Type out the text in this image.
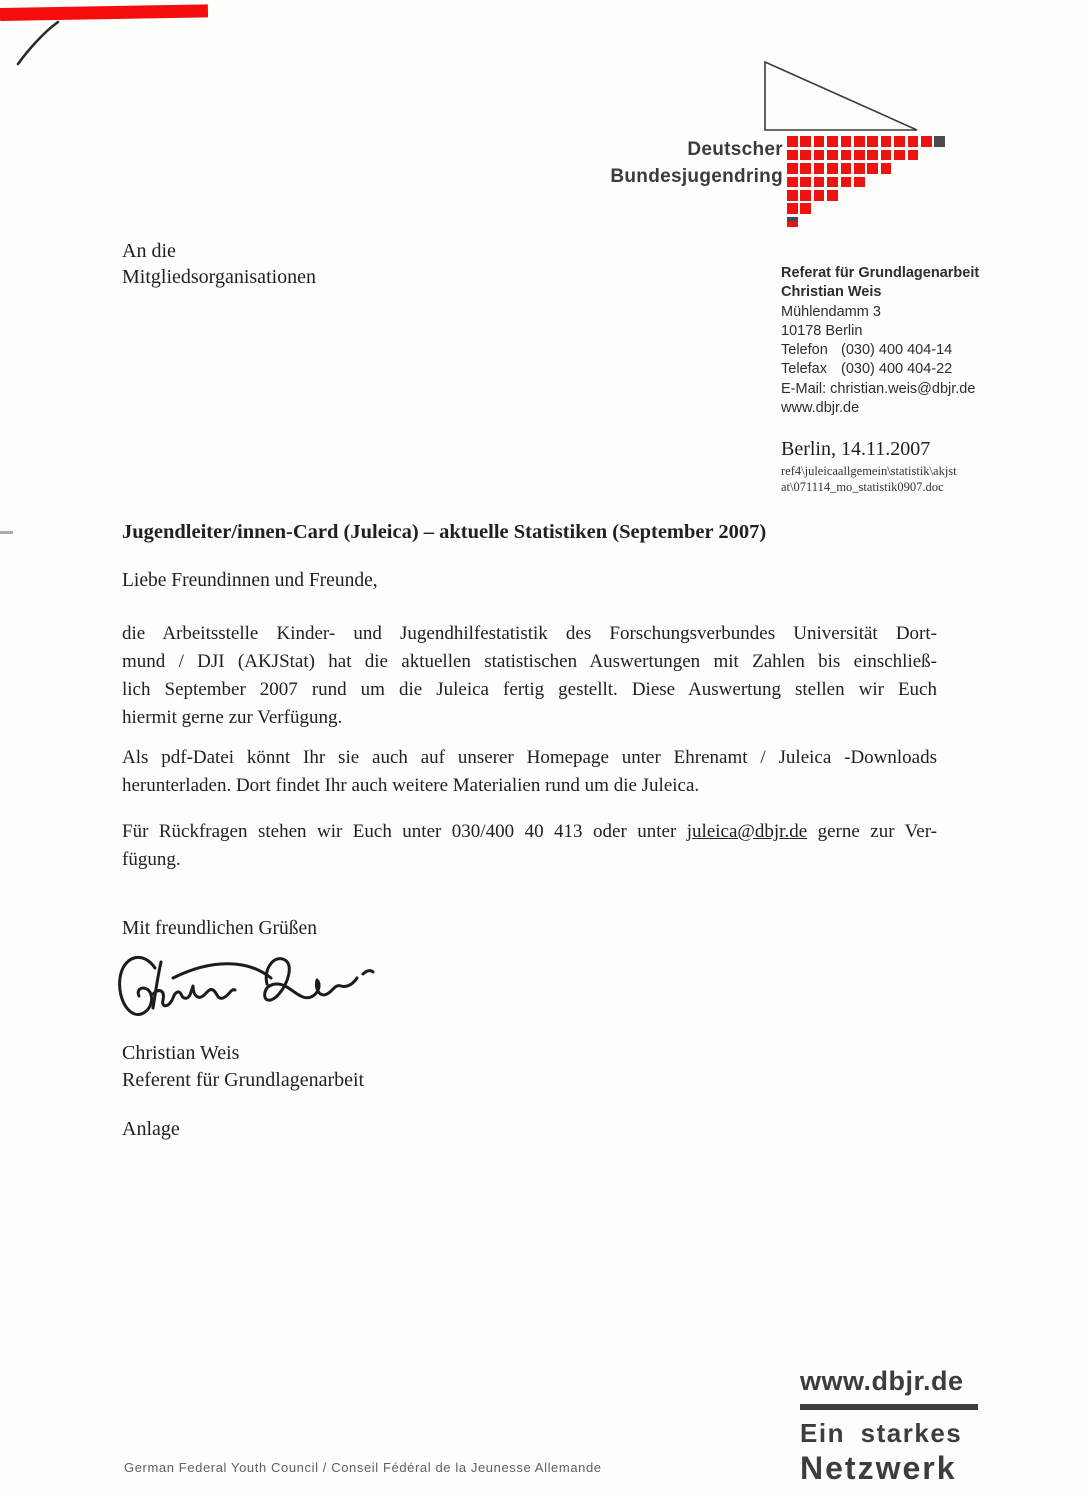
Deutscher
Bundesjugendring
An die
Mitgliedsorganisationen	Referat für Grundlagenarbeit
Christian Weis
Mühlendamm 3
10178 Berlin
Telefon (030) 400 404-14
Telefax (030) 400 404-22
E-Mail: christian.weis@dbjr.de
www.dbjr.de
Berlin, 14.11.2007
ref4\juleicaallgemein\statistik\akjst
at\071114_mo_statistik0907.doc
Jugendleiter/innen-Card (Juleica) – aktuelle Statistiken (September 2007)
Liebe Freundinnen und Freunde,
die Arbeitsstelle Kinder- und Jugendhilfestatistik des Forschungsverbundes Universität Dort-
mund / DJI (AKJStat) hat die aktuellen statistischen Auswertungen mit Zahlen bis einschließ-
lich September 2007 rund um die Juleica fertig gestellt. Diese Auswertung stellen wir Euch
hiermit gerne zur Verfügung.
Als pdf-Datei könnt Ihr sie auch auf unserer Homepage unter Ehrenamt / Juleica -Downloads
herunterladen. Dort findet Ihr auch weitere Materialien rund um die Juleica.
Für Rückfragen stehen wir Euch unter 030/400 40 413 oder unter juleica@dbjr.de gerne zur Ver-
fügung.
Mit freundlichen Grüßen
Christian Weis
Referent für Grundlagenarbeit
Anlage
www.dbjr.de
Ein starkes
Netzwerk
German Federal Youth Council / Conseil Fédéral de la Jeunesse Allemande
